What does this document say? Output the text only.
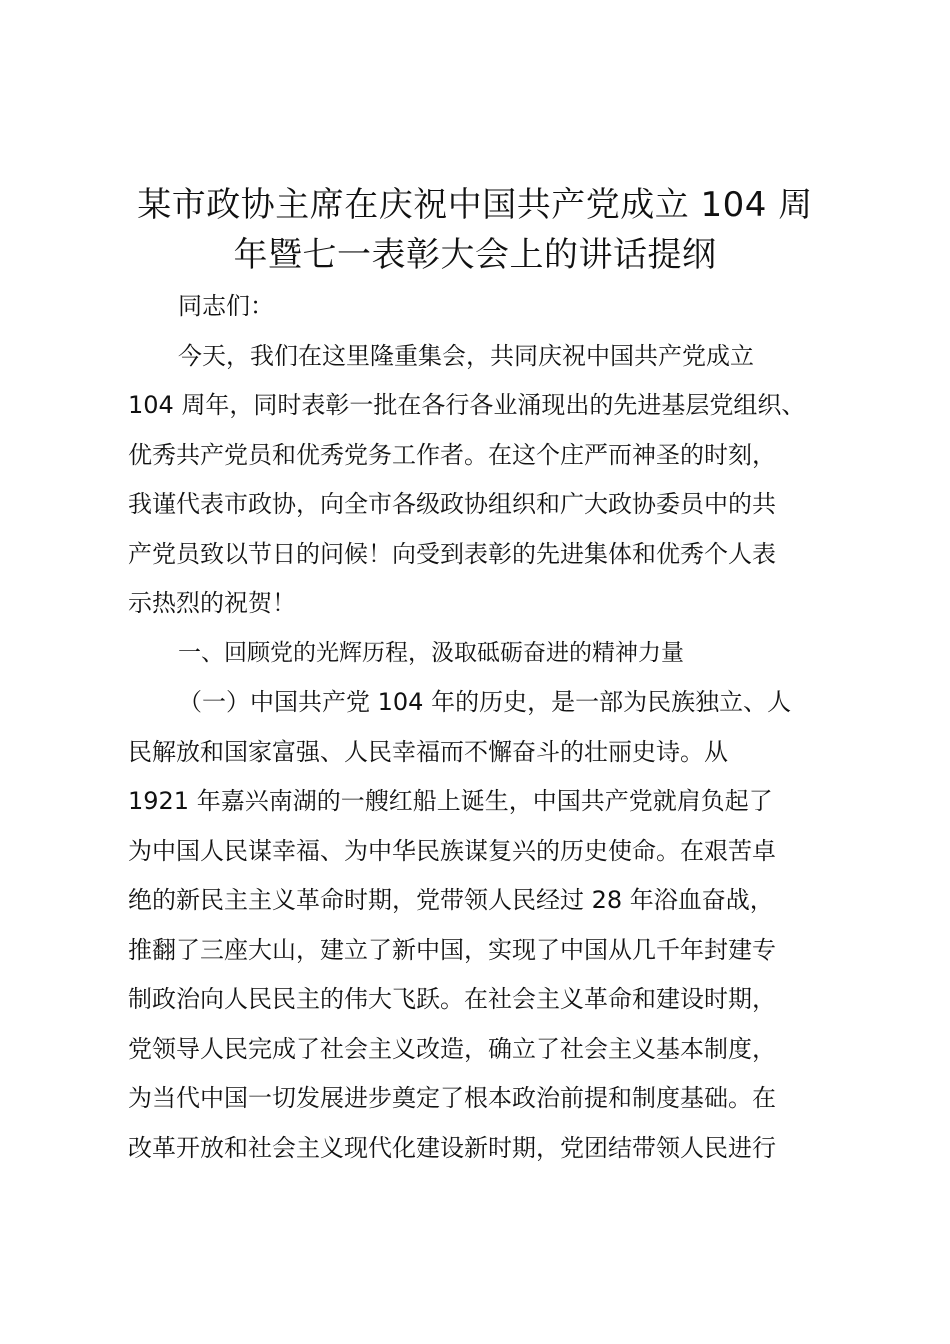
某市政协主席在庆祝中国共产党成立 104 周
年暨七一表彰大会上的讲话提纲
同志们：
今天，我们在这里隆重集会，共同庆祝中国共产党成立
104 周年，同时表彰一批在各行各业涌现出的先进基层党组织、
优秀共产党员和优秀党务工作者。在这个庄严而神圣的时刻，
我谨代表市政协，向全市各级政协组织和广大政协委员中的共
产党员致以节日的问候！向受到表彰的先进集体和优秀个人表
示热烈的祝贺！
一、回顾党的光辉历程，汲取砥砺奋进的精神力量
（一）中国共产党 104 年的历史，是一部为民族独立、人
民解放和国家富强、人民幸福而不懈奋斗的壮丽史诗。从
1921 年嘉兴南湖的一艘红船上诞生，中国共产党就肩负起了
为中国人民谋幸福、为中华民族谋复兴的历史使命。在艰苦卓
绝的新民主主义革命时期，党带领人民经过 28 年浴血奋战，
推翻了三座大山，建立了新中国，实现了中国从几千年封建专
制政治向人民民主的伟大飞跃。在社会主义革命和建设时期，
党领导人民完成了社会主义改造，确立了社会主义基本制度，
为当代中国一切发展进步奠定了根本政治前提和制度基础。在
改革开放和社会主义现代化建设新时期，党团结带领人民进行
